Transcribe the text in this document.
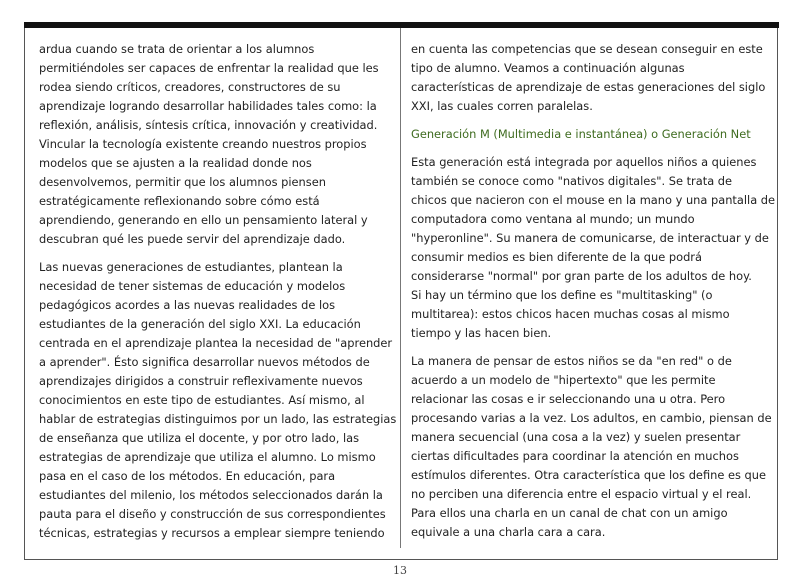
ardua cuando se trata de orientar a los alumnos
permitiéndoles ser capaces de enfrentar la realidad que les
rodea siendo críticos, creadores, constructores de su
aprendizaje logrando desarrollar habilidades tales como: la
reflexión, análisis, síntesis crítica, innovación y creatividad.
Vincular la tecnología existente creando nuestros propios
modelos que se ajusten a la realidad donde nos
desenvolvemos, permitir que los alumnos piensen
estratégicamente reflexionando sobre cómo está
aprendiendo, generando en ello un pensamiento lateral y
descubran qué les puede servir del aprendizaje dado.

Las nuevas generaciones de estudiantes, plantean la
necesidad de tener sistemas de educación y modelos
pedagógicos acordes a las nuevas realidades de los
estudiantes de la generación del siglo XXI. La educación
centrada en el aprendizaje plantea la necesidad de "aprender
a aprender". Ésto significa desarrollar nuevos métodos de
aprendizajes dirigidos a construir reflexivamente nuevos
conocimientos en este tipo de estudiantes. Así mismo, al
hablar de estrategias distinguimos por un lado, las estrategias
de enseñanza que utiliza el docente, y por otro lado, las
estrategias de aprendizaje que utiliza el alumno. Lo mismo
pasa en el caso de los métodos. En educación, para
estudiantes del milenio, los métodos seleccionados darán la
pauta para el diseño y construcción de sus correspondientes
técnicas, estrategias y recursos a emplear siempre teniendo

en cuenta las competencias que se desean conseguir en este
tipo de alumno. Veamos a continuación algunas
características de aprendizaje de estas generaciones del siglo
XXI, las cuales corren paralelas.

Generación M (Multimedia e instantánea) o Generación Net

Esta generación está integrada por aquellos niños a quienes
también se conoce como "nativos digitales". Se trata de
chicos que nacieron con el mouse en la mano y una pantalla de
computadora como ventana al mundo; un mundo
"hyperonline". Su manera de comunicarse, de interactuar y de
consumir medios es bien diferente de la que podrá
considerarse "normal" por gran parte de los adultos de hoy.
Si hay un término que los define es "multitasking" (o
multitarea): estos chicos hacen muchas cosas al mismo
tiempo y las hacen bien.

La manera de pensar de estos niños se da "en red" o de
acuerdo a un modelo de "hipertexto" que les permite
relacionar las cosas e ir seleccionando una u otra. Pero
procesando varias a la vez. Los adultos, en cambio, piensan de
manera secuencial (una cosa a la vez) y suelen presentar
ciertas dificultades para coordinar la atención en muchos
estímulos diferentes. Otra característica que los define es que
no perciben una diferencia entre el espacio virtual y el real.
Para ellos una charla en un canal de chat con un amigo
equivale a una charla cara a cara.

13
